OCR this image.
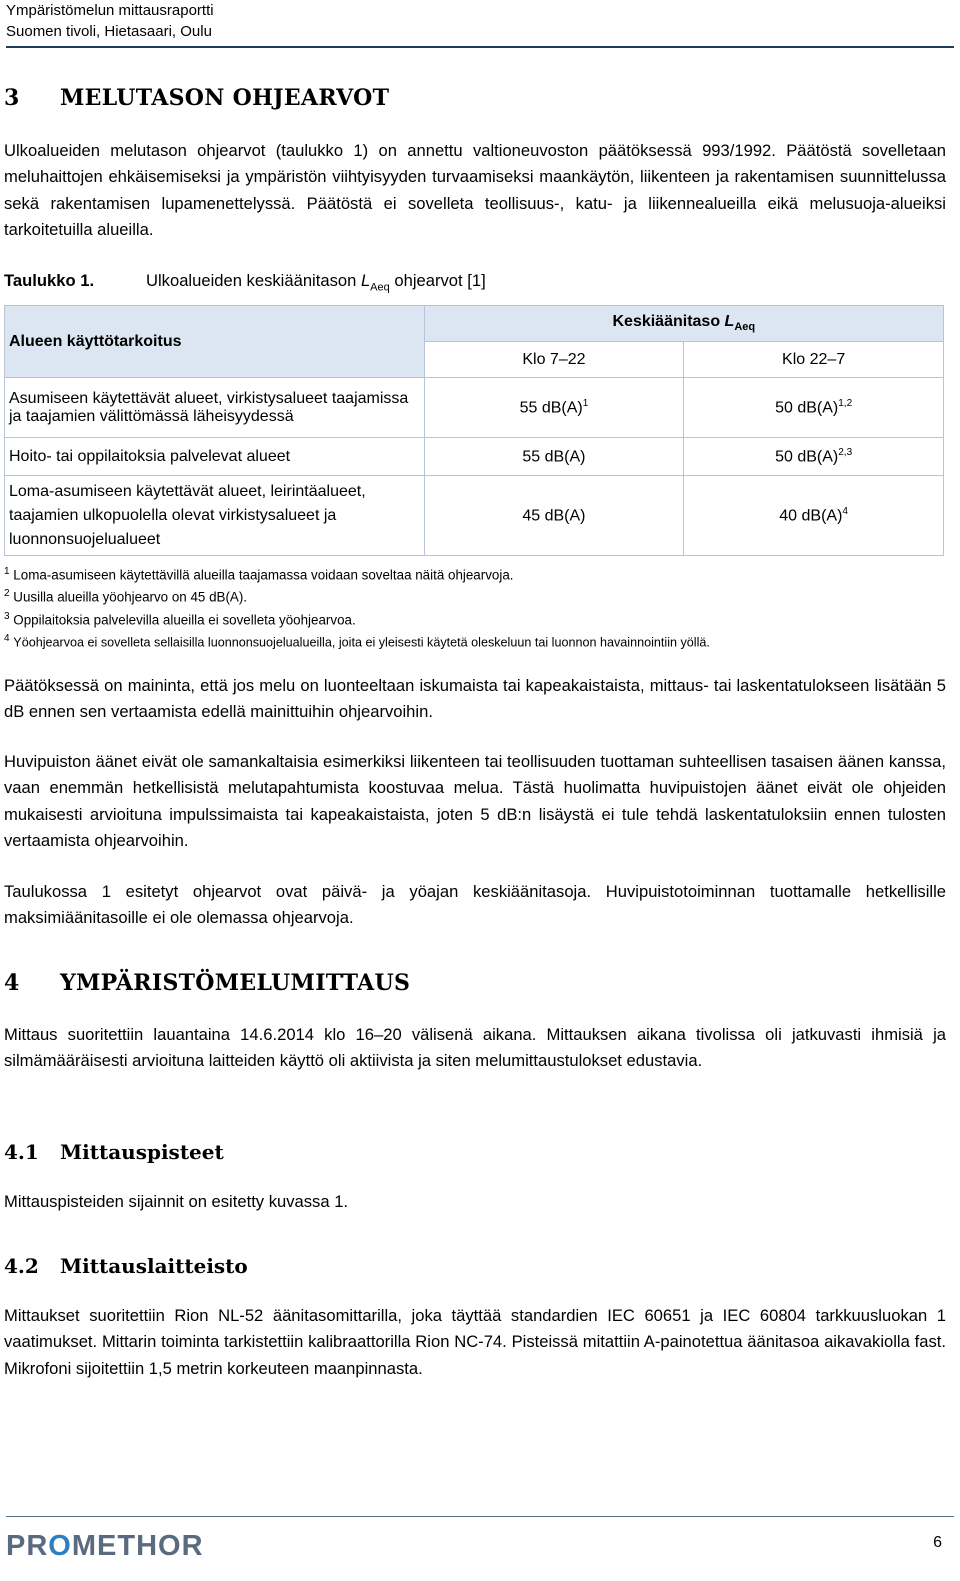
Ympäristömelun mittausraportti
Suomen tivoli, Hietasaari, Oulu
3 MELUTASON OHJEARVOT

Ulkoalueiden melutason ohjearvot (taulukko 1) on annettu valtioneuvoston päätöksessä 993/1992. Päätöstä sovelletaan meluhaittojen ehkäisemiseksi ja ympäristön viihtyisyyden turvaamiseksi maankäytön, liikenteen ja rakentamisen suunnittelussa sekä rakentamisen lupamenettelyssä. Päätöstä ei sovelleta teollisuus-, katu- ja liikennealueilla eikä melusuoja-alueiksi tarkoitetuilla alueilla.

Taulukko 1.	Ulkoalueiden keskiäänitason $L_{Aeq}$ ohjearvot [1]
Alueen käyttötarkoitus	Keskiäänitaso $L_{Aeq}$
	Klo 7–22	Klo 22–7
Asumiseen käytettävät alueet, virkistysalueet taajamissa ja taajamien välittömässä läheisyydessä	55 $dB(A)^1$	50 $dB(A)^{1,2}$
Hoito- tai oppilaitoksia palvelevat alueet	55 dB(A)	50 $dB(A)^{2,3}$
Loma-asumiseen käytettävät alueet, leirintäalueet, taajamien ulkopuolella olevat virkistysalueet ja luonnonsuojelualueet	45 dB(A)	40 $dB(A)^4$
$^1$ Loma-asumiseen käytettävillä alueilla taajamassa voidaan soveltaa näitä ohjearvoja.
$^2$ Uusilla alueilla yöohjearvo on 45 dB(A).
$^3$ Oppilaitoksia palvelevilla alueilla ei sovelleta yöohjearvoa.
$^4$ Yöohjearvoa ei sovelleta sellaisilla luonnonsuojelualueilla, joita ei yleisesti käytetä oleskeluun tai luonnon havainnointiin yöllä.

Päätöksessä on maininta, että jos melu on luonteeltaan iskumaista tai kapeakaistaista, mittaus- tai laskentatulokseen lisätään 5 dB ennen sen vertaamista edellä mainittuihin ohjearvoihin.

Huvipuiston äänet eivät ole samankaltaisia esimerkiksi liikenteen tai teollisuuden tuottaman suhteellisen tasaisen äänen kanssa, vaan enemmän hetkellisistä melutapahtumista koostuvaa melua. Tästä huolimatta huvipuistojen äänet eivät ole ohjeiden mukaisesti arvioituna impulssimaista tai kapeakaistaista, joten 5 dB:n lisäystä ei tule tehdä laskentatuloksiin ennen tulosten vertaamista ohjearvoihin.

Taulukossa 1 esitetyt ohjearvot ovat päivä- ja yöajan keskiäänitasoja. Huvipuistotoiminnan tuottamalle hetkellisille maksimiäänitasoille ei ole olemassa ohjearvoja.

4 YMPÄRISTÖMELUMITTAUS

Mittaus suoritettiin lauantaina 14.6.2014 klo 16–20 välisenä aikana. Mittauksen aikana tivolissa oli jatkuvasti ihmisiä ja silmämääräisesti arvioituna laitteiden käyttö oli aktiivista ja siten melumittaustulokset edustavia.

4.1 Mittauspisteet

Mittauspisteiden sijainnit on esitetty kuvassa 1.

4.2 Mittauslaitteisto

Mittaukset suoritettiin Rion NL-52 äänitasomittarilla, joka täyttää standardien IEC 60651 ja IEC 60804 tarkkuusluokan 1 vaatimukset. Mittarin toiminta tarkistettiin kalibraattorilla Rion NC-74. Pisteissä mitattiin A-painotettua äänitasoa aikavakiolla fast. Mikrofoni sijoitettiin 1,5 metrin korkeuteen maanpinnasta.

PROMETHOR	6
